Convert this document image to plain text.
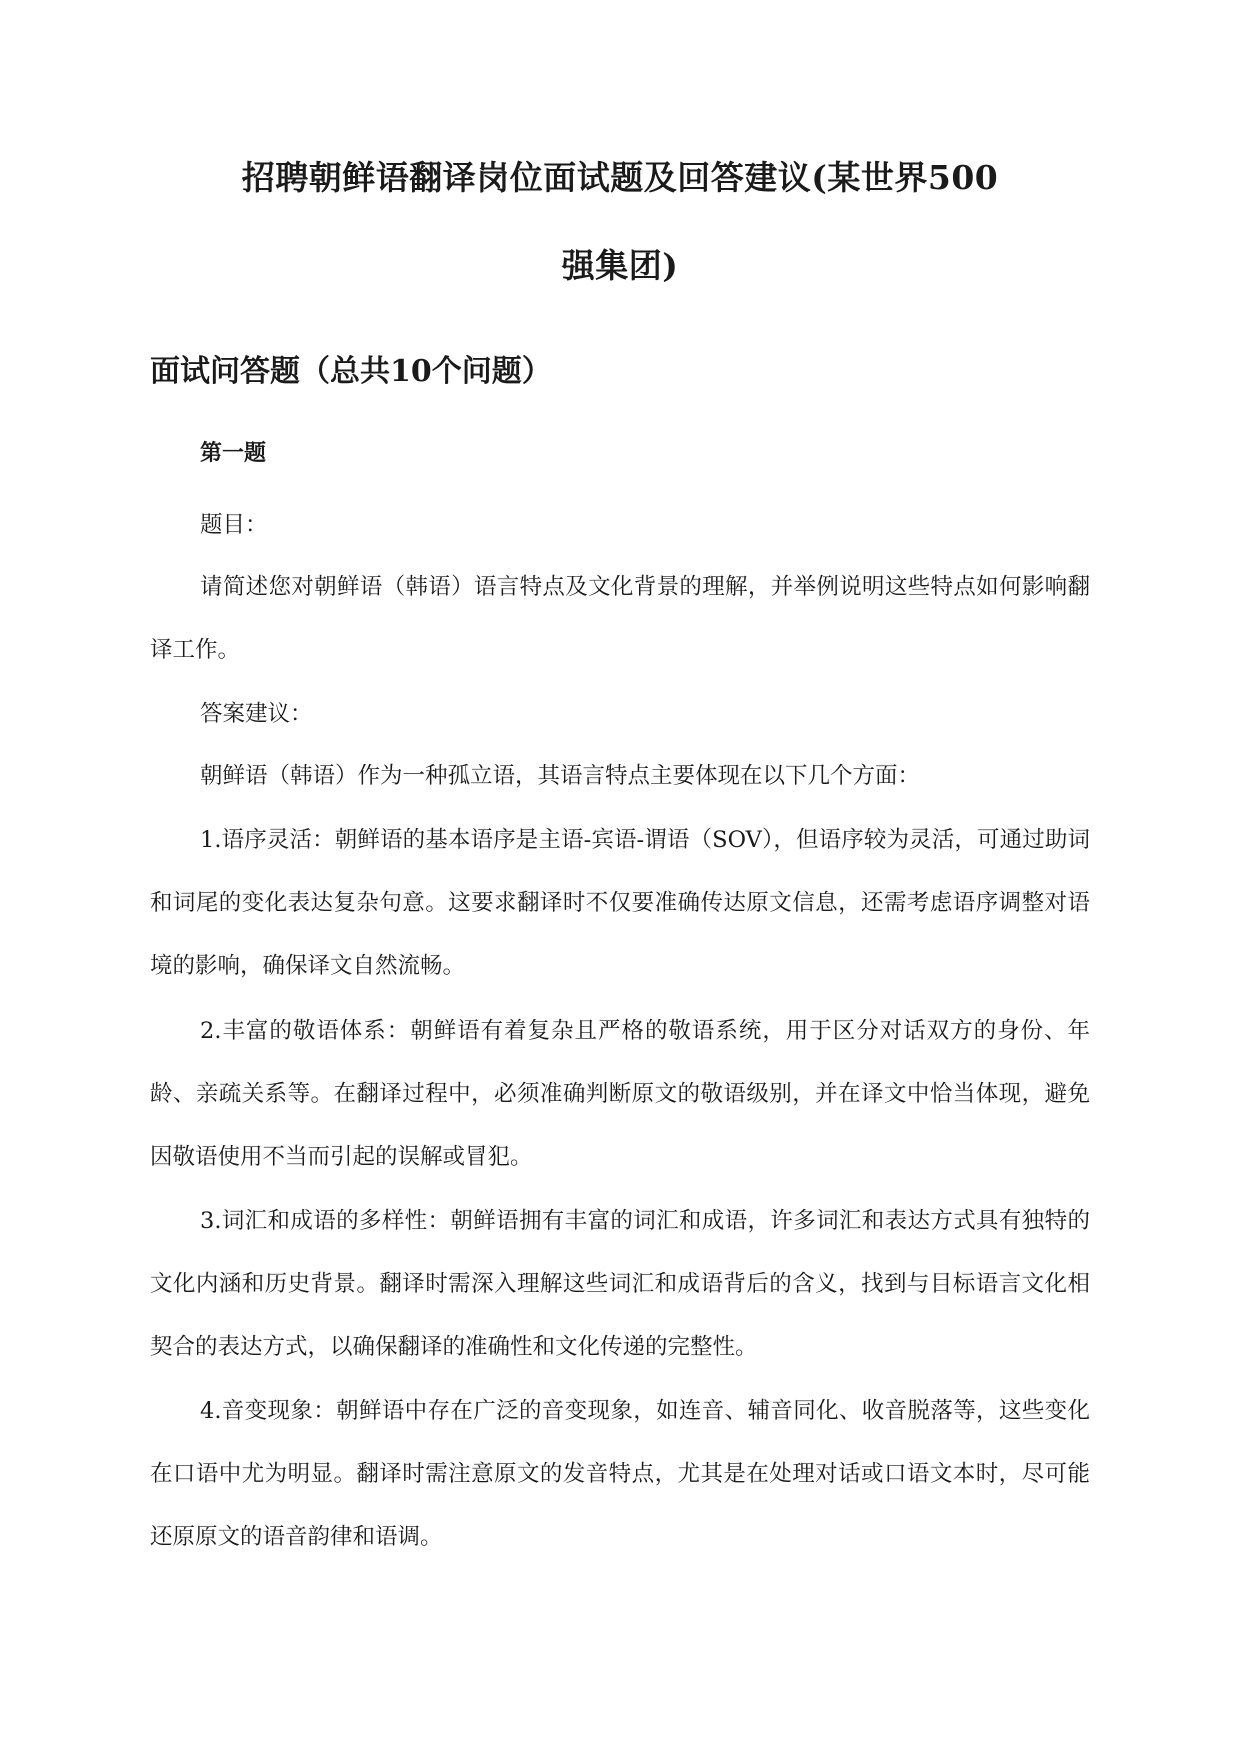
招聘朝鲜语翻译岗位面试题及回答建议(某世界500
强集团)
面试问答题（总共10个问题）
第一题

题目：

请简述您对朝鲜语（韩语）语言特点及文化背景的理解，并举例说明这些特点如何影响翻译工作。

答案建议：

朝鲜语（韩语）作为一种孤立语，其语言特点主要体现在以下几个方面：

1.语序灵活：朝鲜语的基本语序是主语-宾语-谓语（SOV），但语序较为灵活，可通过助词和词尾的变化表达复杂句意。这要求翻译时不仅要准确传达原文信息，还需考虑语序调整对语境的影响，确保译文自然流畅。

2.丰富的敬语体系：朝鲜语有着复杂且严格的敬语系统，用于区分对话双方的身份、年龄、亲疏关系等。在翻译过程中，必须准确判断原文的敬语级别，并在译文中恰当体现，避免因敬语使用不当而引起的误解或冒犯。

3.词汇和成语的多样性：朝鲜语拥有丰富的词汇和成语，许多词汇和表达方式具有独特的文化内涵和历史背景。翻译时需深入理解这些词汇和成语背后的含义，找到与目标语言文化相契合的表达方式，以确保翻译的准确性和文化传递的完整性。

4.音变现象：朝鲜语中存在广泛的音变现象，如连音、辅音同化、收音脱落等，这些变化在口语中尤为明显。翻译时需注意原文的发音特点，尤其是在处理对话或口语文本时，尽可能还原原文的语音韵律和语调。
